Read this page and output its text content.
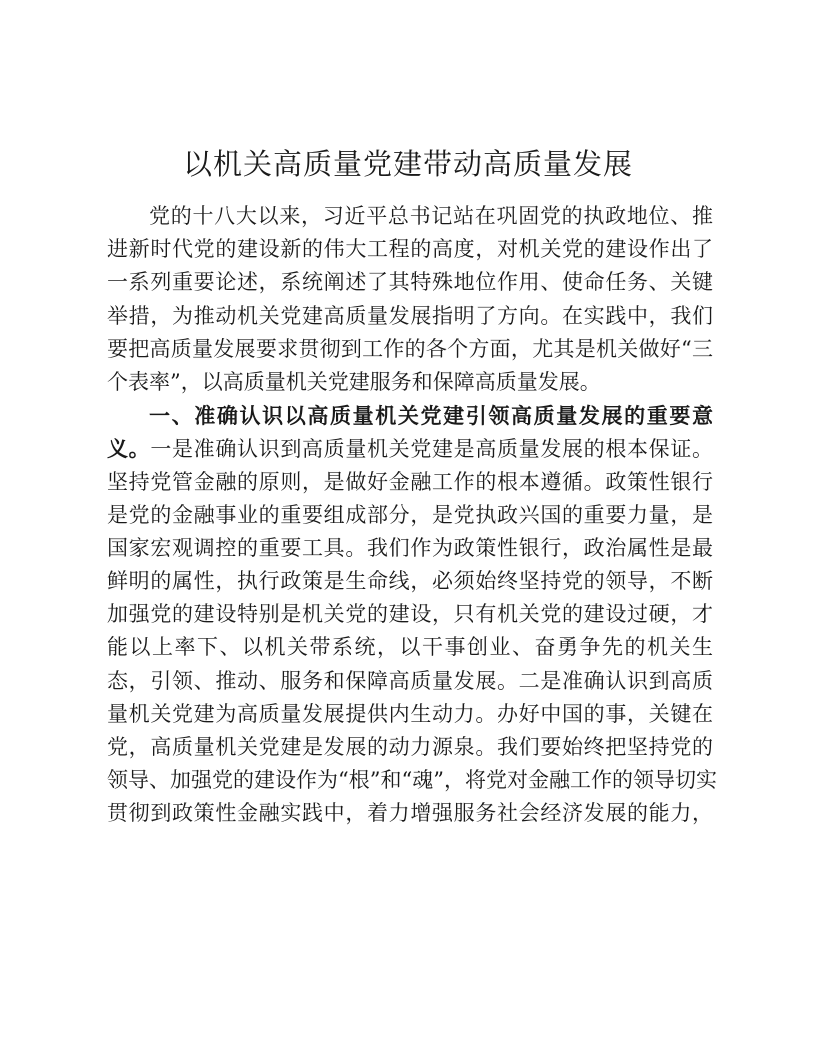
以机关高质量党建带动高质量发展
党的十八大以来，习近平总书记站在巩固党的执政地位、推
进新时代党的建设新的伟大工程的高度，对机关党的建设作出了
一系列重要论述，系统阐述了其特殊地位作用、使命任务、关键
举措，为推动机关党建高质量发展指明了方向。在实践中，我们
要把高质量发展要求贯彻到工作的各个方面，尤其是机关做好“三
个表率”，以高质量机关党建服务和保障高质量发展。
一、准确认识以高质量机关党建引领高质量发展的重要意
义。一是准确认识到高质量机关党建是高质量发展的根本保证。
坚持党管金融的原则，是做好金融工作的根本遵循。政策性银行
是党的金融事业的重要组成部分，是党执政兴国的重要力量，是
国家宏观调控的重要工具。我们作为政策性银行，政治属性是最
鲜明的属性，执行政策是生命线，必须始终坚持党的领导，不断
加强党的建设特别是机关党的建设，只有机关党的建设过硬，才
能以上率下、以机关带系统，以干事创业、奋勇争先的机关生
态，引领、推动、服务和保障高质量发展。二是准确认识到高质
量机关党建为高质量发展提供内生动力。办好中国的事，关键在
党，高质量机关党建是发展的动力源泉。我们要始终把坚持党的
领导、加强党的建设作为“根”和“魂”，将党对金融工作的领导切实
贯彻到政策性金融实践中，着力增强服务社会经济发展的能力，
